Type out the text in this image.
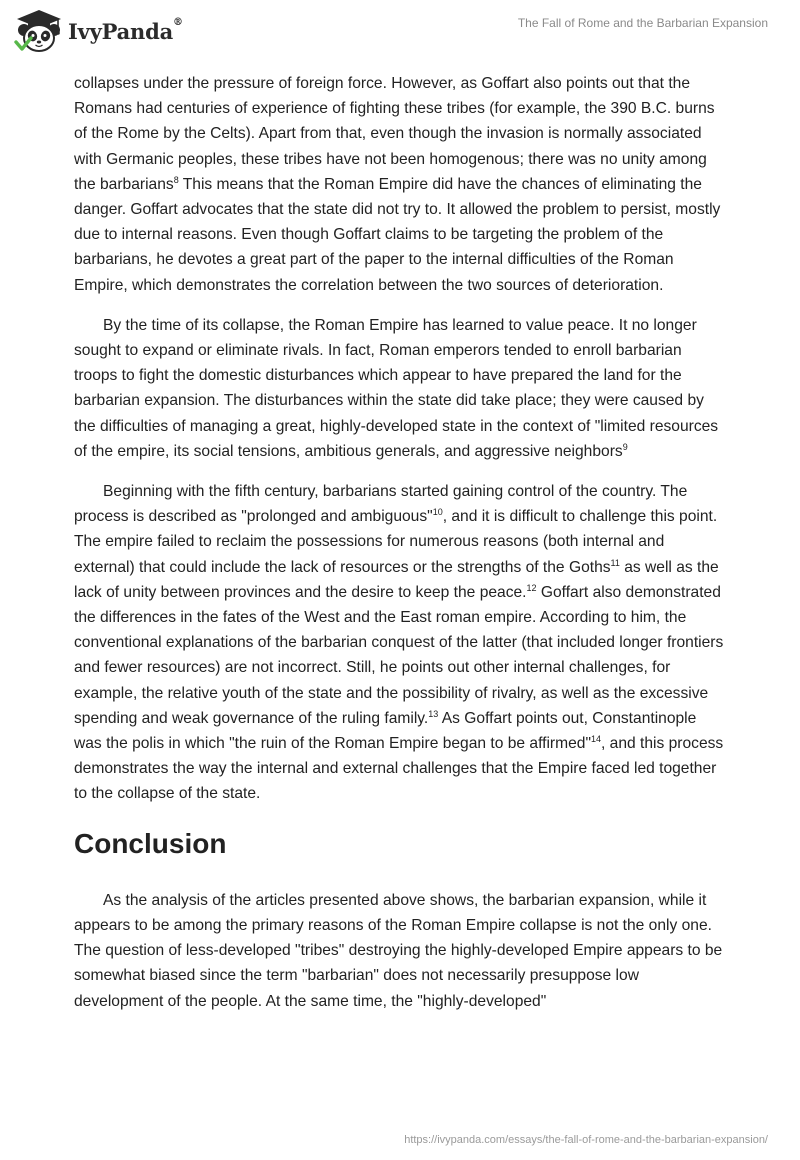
IvyPanda®	The Fall of Rome and the Barbarian Expansion

collapses under the pressure of foreign force. However, as Goffart also points out that the Romans had centuries of experience of fighting these tribes (for example, the 390 B.C. burns of the Rome by the Celts). Apart from that, even though the invasion is normally associated with Germanic peoples, these tribes have not been homogenous; there was no unity among the barbarians$^8$ This means that the Roman Empire did have the chances of eliminating the danger. Goffart advocates that the state did not try to. It allowed the problem to persist, mostly due to internal reasons. Even though Goffart claims to be targeting the problem of the barbarians, he devotes a great part of the paper to the internal difficulties of the Roman Empire, which demonstrates the correlation between the two sources of deterioration.

By the time of its collapse, the Roman Empire has learned to value peace. It no longer sought to expand or eliminate rivals. In fact, Roman emperors tended to enroll barbarian troops to fight the domestic disturbances which appear to have prepared the land for the barbarian expansion. The disturbances within the state did take place; they were caused by the difficulties of managing a great, highly-developed state in the context of "limited resources of the empire, its social tensions, ambitious generals, and aggressive neighbors$^9$

Beginning with the fifth century, barbarians started gaining control of the country. The process is described as "prolonged and ambiguous"$^{10}$, and it is difficult to challenge this point. The empire failed to reclaim the possessions for numerous reasons (both internal and external) that could include the lack of resources or the strengths of the Goths$^{11}$ as well as the lack of unity between provinces and the desire to keep the peace.$^{12}$ Goffart also demonstrated the differences in the fates of the West and the East roman empire. According to him, the conventional explanations of the barbarian conquest of the latter (that included longer frontiers and fewer resources) are not incorrect. Still, he points out other internal challenges, for example, the relative youth of the state and the possibility of rivalry, as well as the excessive spending and weak governance of the ruling family.$^{13}$ As Goffart points out, Constantinople was the polis in which "the ruin of the Roman Empire began to be affirmed"$^{14}$, and this process demonstrates the way the internal and external challenges that the Empire faced led together to the collapse of the state.

Conclusion

As the analysis of the articles presented above shows, the barbarian expansion, while it appears to be among the primary reasons of the Roman Empire collapse is not the only one. The question of less-developed "tribes" destroying the highly-developed Empire appears to be somewhat biased since the term "barbarian" does not necessarily presuppose low development of the people. At the same time, the "highly-developed"

https://ivypanda.com/essays/the-fall-of-rome-and-the-barbarian-expansion/
